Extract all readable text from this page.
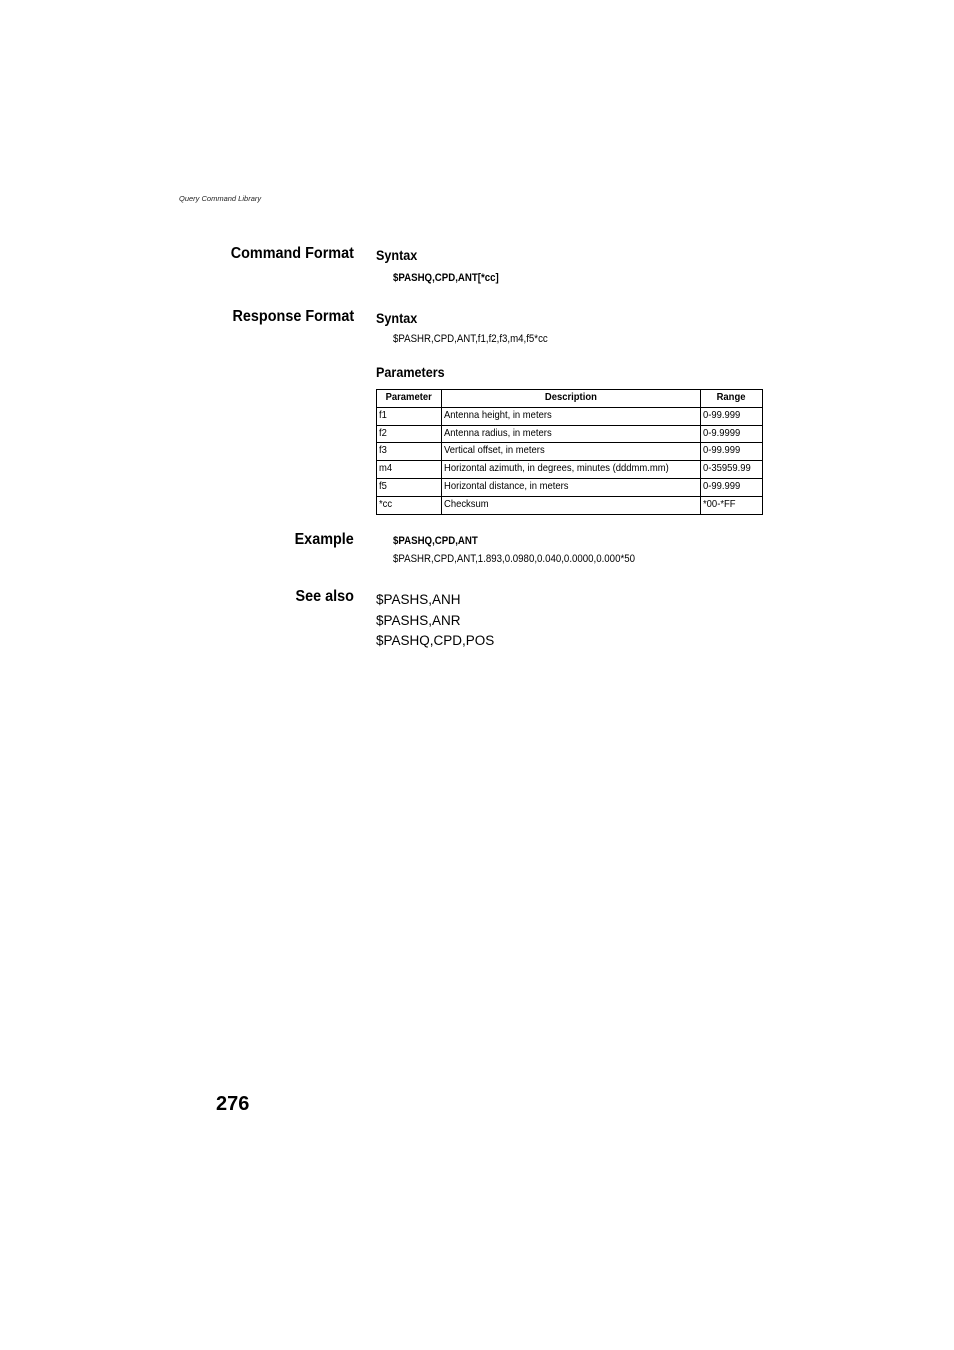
Query Command Library
Command Format Syntax
$PASHQ,CPD,ANT[*cc]
Response Format Syntax
$PASHR,CPD,ANT,f1,f2,f3,m4,f5*cc
Parameters
Parameter	Description	Range
f1	Antenna height, in meters	0-99.999
f2	Antenna radius, in meters	0-9.9999
f3	Vertical offset, in meters	0-99.999
m4	Horizontal azimuth, in degrees, minutes (dddmm.mm)	0-35959.99
f5	Horizontal distance, in meters	0-99.999
*cc	Checksum	*00-*FF
Example	$PASHQ,CPD,ANT
$PASHR,CPD,ANT,1.893,0.0980,0.040,0.0000,0.000*50
See also $PASHS,ANH
$PASHS,ANR
$PASHQ,CPD,POS
276
